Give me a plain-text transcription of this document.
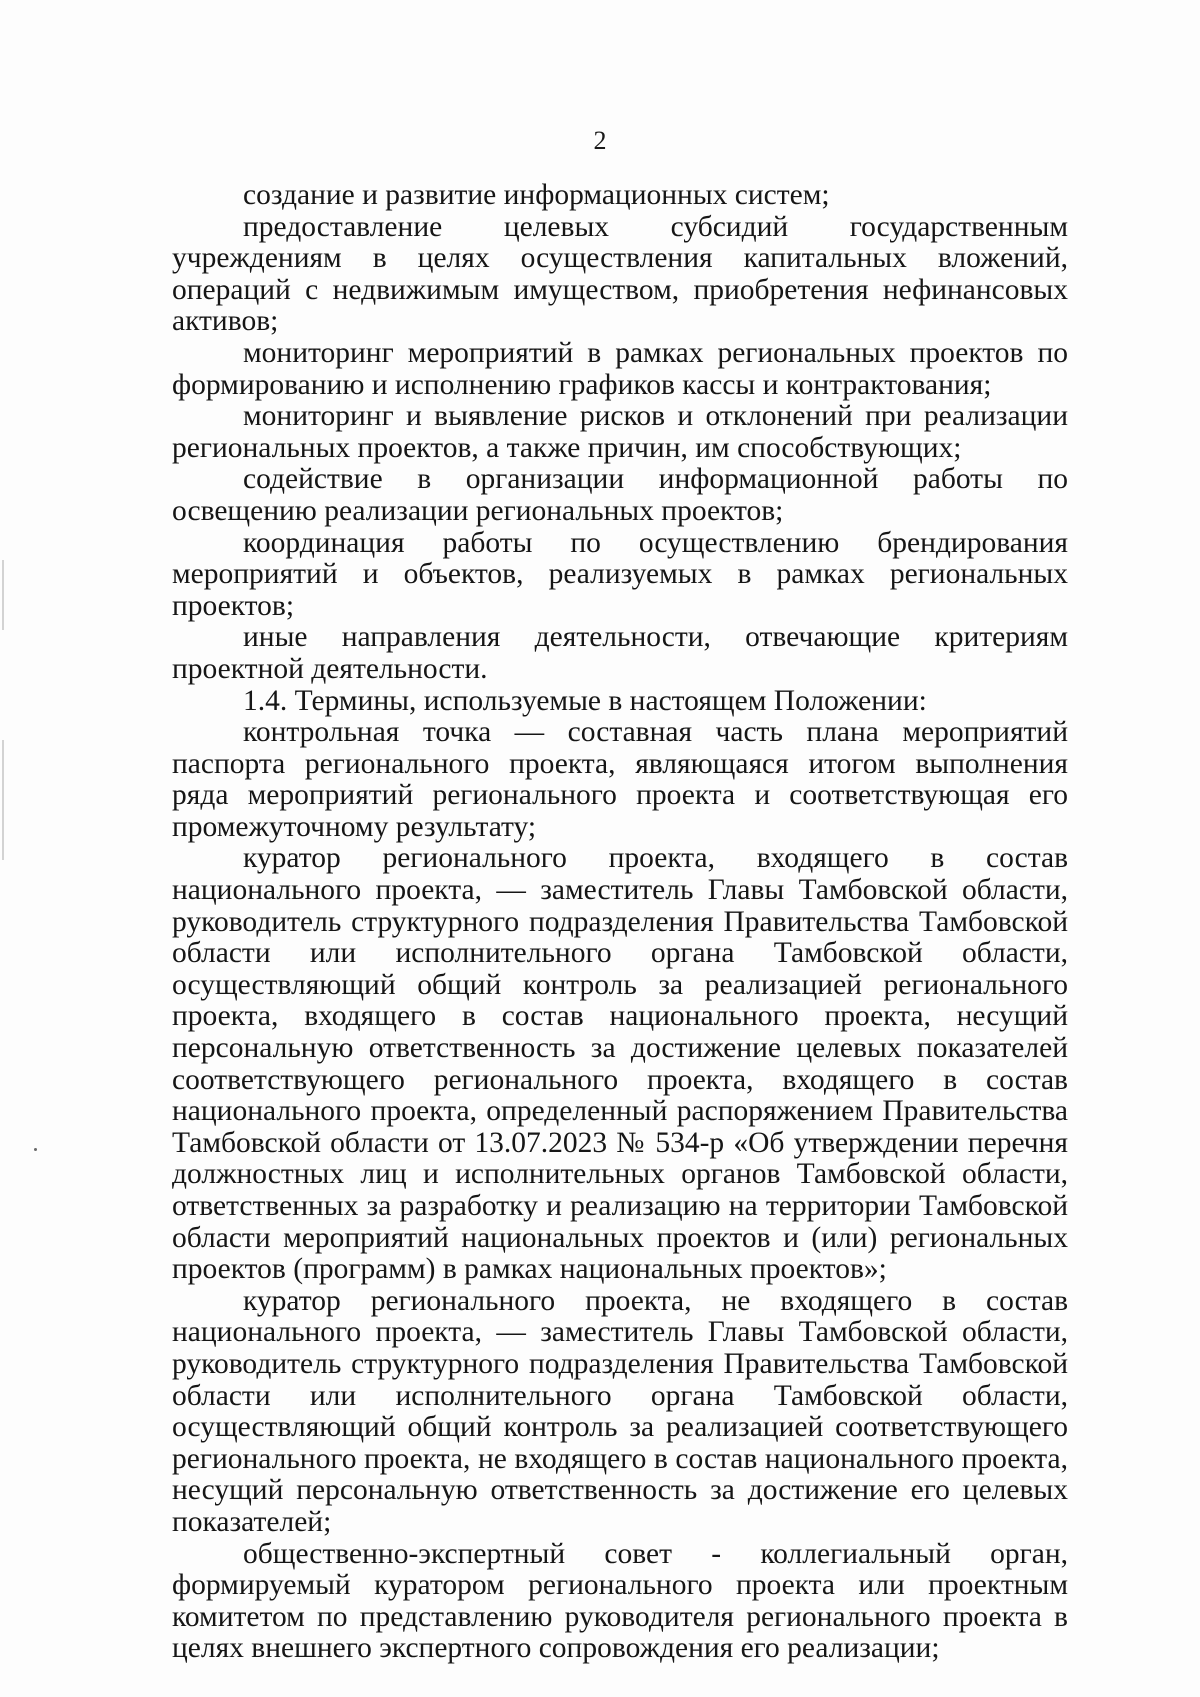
2

создание и развитие информационных систем;

предоставление целевых субсидий государственным учреждениям в целях осуществления капитальных вложений, операций с недвижимым имуществом, приобретения нефинансовых активов;

мониторинг мероприятий в рамках региональных проектов по формированию и исполнению графиков кассы и контрактования;

мониторинг и выявление рисков и отклонений при реализации региональных проектов, а также причин, им способствующих;

содействие в организации информационной работы по освещению реализации региональных проектов;

координация работы по осуществлению брендирования мероприятий и объектов, реализуемых в рамках региональных проектов;

иные направления деятельности, отвечающие критериям проектной деятельности.

1.4. Термины, используемые в настоящем Положении:

контрольная точка — составная часть плана мероприятий паспорта регионального проекта, являющаяся итогом выполнения ряда мероприятий регионального проекта и соответствующая его промежуточному результату;

куратор регионального проекта, входящего в состав национального проекта, — заместитель Главы Тамбовской области, руководитель структурного подразделения Правительства Тамбовской области или исполнительного органа Тамбовской области, осуществляющий общий контроль за реализацией регионального проекта, входящего в состав национального проекта, несущий персональную ответственность за достижение целевых показателей соответствующего регионального проекта, входящего в состав национального проекта, определенный распоряжением Правительства Тамбовской области от 13.07.2023 № 534-р «Об утверждении перечня должностных лиц и исполнительных органов Тамбовской области, ответственных за разработку и реализацию на территории Тамбовской области мероприятий национальных проектов и (или) региональных проектов (программ) в рамках национальных проектов»;

куратор регионального проекта, не входящего в состав национального проекта, — заместитель Главы Тамбовской области, руководитель структурного подразделения Правительства Тамбовской области или исполнительного органа Тамбовской области, осуществляющий общий контроль за реализацией соответствующего регионального проекта, не входящего в состав национального проекта, несущий персональную ответственность за достижение его целевых показателей;

общественно-экспертный совет - коллегиальный орган, формируемый куратором регионального проекта или проектным комитетом по представлению руководителя регионального проекта в целях внешнего экспертного сопровождения его реализации;
